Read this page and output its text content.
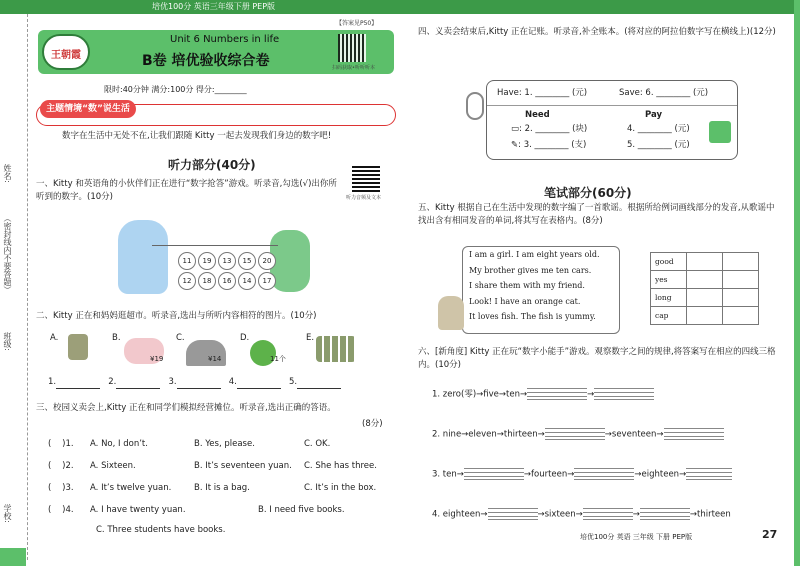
培优100分 英语三年级下册 PEP版
姓名:
（密封线内不要答题）
班级:
学校:
王朝霞
Unit 6 Numbers in life
B卷 培优验收综合卷	扫码获取•听听听本
【答案见P50】
限时:40分钟 满分:100分 得分:________
主题情境“数”说生活
数字在生活中无处不在,让我们跟随 Kitty 一起去发现我们身边的数字吧!
听力部分(40分)
听力音频及文本
一、Kitty 和英语角的小伙伴们正在进行“数字抢答”游戏。听录音,勾选(√)出你所听到的数字。(10分)
11	19	13	15	20
12	18	16	14	17
二、Kitty 正在和妈妈逛超市。听录音,选出与所听内容相符的图片。(10分)
A.	B.
¥19
C.
¥14
D.
11个
E.
1.	2.	3.	4.	5.
三、校园义卖会上,Kitty 正在和同学们模拟经营摊位。听录音,选出正确的答语。
(8分)
(    )1. A. No, I don’t.	B. Yes, please.	C. OK.
(    )2. A. Sixteen.	B. It’s seventeen yuan. C. She has three.
(    )3. A. It’s twelve yuan.	B. It is a bag.	C. It’s in the box.
(    )4. A. I have twenty yuan.	B. I need five books.
C. Three students have books.
四、义卖会结束后,Kitty 正在记账。听录音,补全账本。(将对应的阿拉伯数字写在横线上)(12分)
Have: 1. ________ (元)	Save: 6. ________ (元)
Need	Pay
▭: 2. ________ (块)
✎: 3. ________ (支)
4. ________ (元)
5. ________ (元)
笔试部分(60分)
五、Kitty 根据自己在生活中发现的数字编了一首歌谣。根据所给例词画线部分的发音,从歌谣中找出含有相同发音的单词,将其写在表格内。(8分)
I am a girl. I am eight years old.
My brother gives me ten cars.
I share them with my friend.
Look! I have an orange cat.
It loves fish. The fish is yummy.
good		
yes		
long		
cap		
六、[新角度] Kitty 正在玩“数字小能手”游戏。观察数字之间的规律,将答案写在相应的四线三格内。(10分)
1. zero(零)→five→ten→	→
2. nine→eleven→thirteen→	→seventeen→
3. ten→	→fourteen→	→eighteen→
4. eighteen→	→sixteen→	→	→thirteen
培优100分 英语 三年级 下册 PEP版	27
